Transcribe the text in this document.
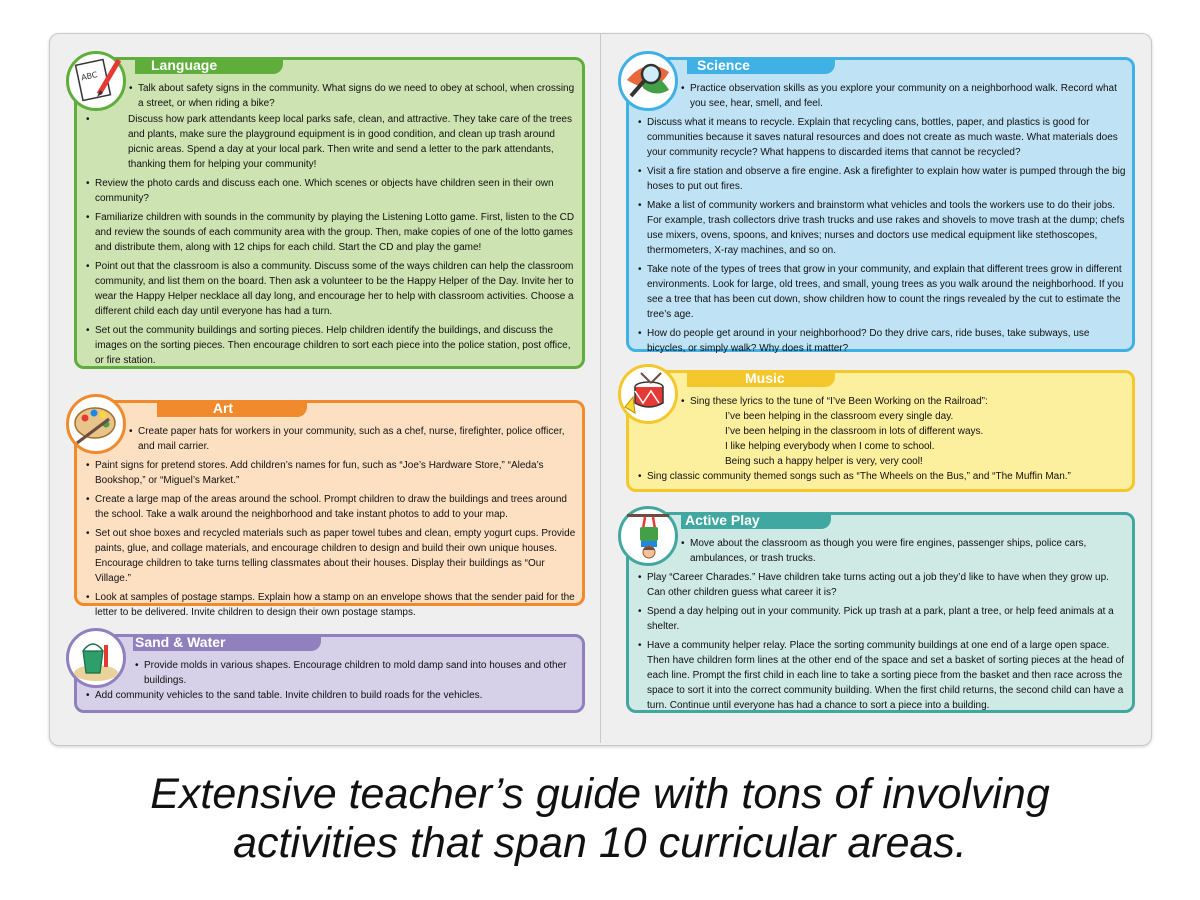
Language
• Talk about safety signs in the community. What signs do we need to obey at school, when crossing a street, or when riding a bike?
• Discuss how park attendants keep local parks safe, clean, and attractive. They take care of the trees and plants, make sure the playground equipment is in good condition, and clean up trash around picnic areas. Spend a day at your local park. Then write and send a letter to the park attendants, thanking them for helping your community!
• Review the photo cards and discuss each one. Which scenes or objects have children seen in their own community?
• Familiarize children with sounds in the community by playing the Listening Lotto game. First, listen to the CD and review the sounds of each community area with the group. Then, make copies of one of the lotto games and distribute them, along with 12 chips for each child. Start the CD and play the game!
• Point out that the classroom is also a community. Discuss some of the ways children can help the classroom community, and list them on the board. Then ask a volunteer to be the Happy Helper of the Day. Invite her to wear the Happy Helper necklace all day long, and encourage her to help with classroom activities. Choose a different child each day until everyone has had a turn.
• Set out the community buildings and sorting pieces. Help children identify the buildings, and discuss the images on the sorting pieces. Then encourage children to sort each piece into the police station, post office, or fire station.
ABC
Art
• Create paper hats for workers in your community, such as a chef, nurse, firefighter, police officer, and mail carrier.
• Paint signs for pretend stores. Add children’s names for fun, such as “Joe’s Hardware Store,” “Aleda’s Bookshop,” or “Miguel’s Market.”
• Create a large map of the areas around the school. Prompt children to draw the buildings and trees around the school. Take a walk around the neighborhood and take instant photos to add to your map.
• Set out shoe boxes and recycled materials such as paper towel tubes and clean, empty yogurt cups. Provide paints, glue, and collage materials, and encourage children to design and build their own unique houses. Encourage children to take turns telling classmates about their houses. Display their buildings as “Our Village.”
• Look at samples of postage stamps. Explain how a stamp on an envelope shows that the sender paid for the letter to be delivered. Invite children to design their own postage stamps.
Sand & Water
• Provide molds in various shapes. Encourage children to mold damp sand into houses and other buildings.
• Add community vehicles to the sand table. Invite children to build roads for the vehicles.
Science
• Practice observation skills as you explore your community on a neighborhood walk. Record what you see, hear, smell, and feel.
• Discuss what it means to recycle. Explain that recycling cans, bottles, paper, and plastics is good for communities because it saves natural resources and does not create as much waste. What materials does your community recycle? What happens to discarded items that cannot be recycled?
• Visit a fire station and observe a fire engine. Ask a firefighter to explain how water is pumped through the big hoses to put out fires.
• Make a list of community workers and brainstorm what vehicles and tools the workers use to do their jobs. For example, trash collectors drive trash trucks and use rakes and shovels to move trash at the dump; chefs use mixers, ovens, spoons, and knives; nurses and doctors use medical equipment like stethoscopes, thermometers, X-ray machines, and so on.
• Take note of the types of trees that grow in your community, and explain that different trees grow in different environments. Look for large, old trees, and small, young trees as you walk around the neighborhood. If you see a tree that has been cut down, show children how to count the rings revealed by the cut to estimate the tree’s age.
• How do people get around in your neighborhood? Do they drive cars, ride buses, take subways, use bicycles, or simply walk? Why does it matter?
Music
• Sing these lyrics to the tune of “I’ve Been Working on the Railroad”:
I’ve been helping in the classroom every single day.
I’ve been helping in the classroom in lots of different ways.
I like helping everybody when I come to school.
Being such a happy helper is very, very cool!
• Sing classic community themed songs such as “The Wheels on the Bus,” and “The Muffin Man.”
Active Play
• Move about the classroom as though you were fire engines, passenger ships, police cars, ambulances, or trash trucks.
• Play “Career Charades.” Have children take turns acting out a job they’d like to have when they grow up. Can other children guess what career it is?
• Spend a day helping out in your community. Pick up trash at a park, plant a tree, or help feed animals at a shelter.
• Have a community helper relay. Place the sorting community buildings at one end of a large open space. Then have children form lines at the other end of the space and set a basket of sorting pieces at the head of each line. Prompt the first child in each line to take a sorting piece from the basket and then race across the space to sort it into the correct community building. When the first child returns, the second child can have a turn. Continue until everyone has had a chance to sort a piece into a building.
Extensive teacher’s guide with tons of involving
activities that span 10 curricular areas.
